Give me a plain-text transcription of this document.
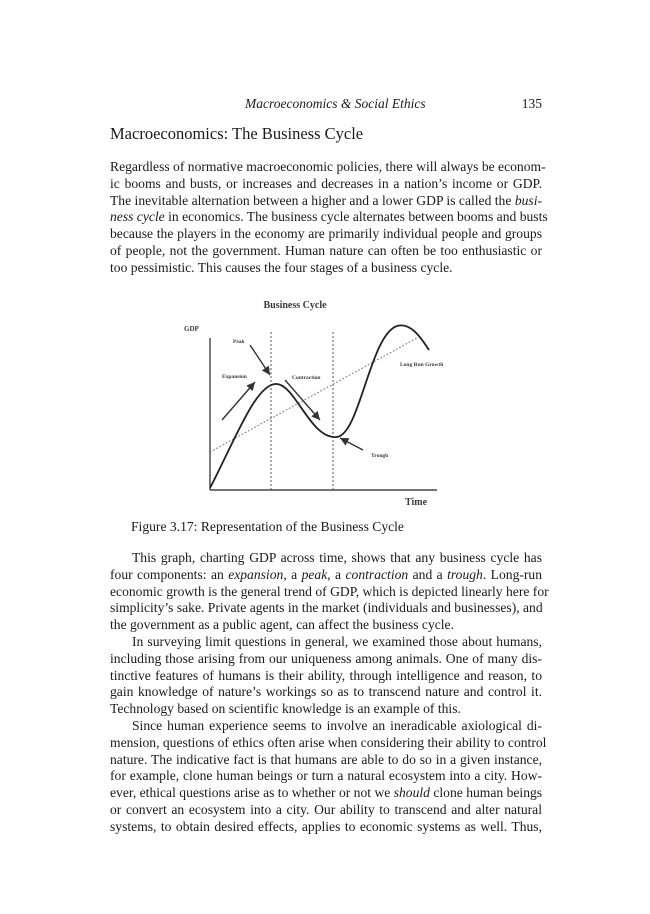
Macroeconomics & Social Ethics	135
Macroeconomics: The Business Cycle
Regardless of normative macroeconomic policies, there will always be econom-
ic booms and busts, or increases and decreases in a nation’s income or GDP.
The inevitable alternation between a higher and a lower GDP is called the busi-
ness cycle in economics. The business cycle alternates between booms and busts
because the players in the economy are primarily individual people and groups
of people, not the government. Human nature can often be too enthusiastic or
too pessimistic. This causes the four stages of a business cycle.
Business Cycle
GDP
Time
Peak
Expansion	Contraction
Trough
Long Run Growth
Figure 3.17: Representation of the Business Cycle
This graph, charting GDP across time, shows that any business cycle has
four components: an expansion, a peak, a contraction and a trough. Long-run
economic growth is the general trend of GDP, which is depicted linearly here for
simplicity’s sake. Private agents in the market (individuals and businesses), and
the government as a public agent, can affect the business cycle.
In surveying limit questions in general, we examined those about humans,
including those arising from our uniqueness among animals. One of many dis-
tinctive features of humans is their ability, through intelligence and reason, to
gain knowledge of nature’s workings so as to transcend nature and control it.
Technology based on scientific knowledge is an example of this.
Since human experience seems to involve an ineradicable axiological di-
mension, questions of ethics often arise when considering their ability to control
nature. The indicative fact is that humans are able to do so in a given instance,
for example, clone human beings or turn a natural ecosystem into a city. How-
ever, ethical questions arise as to whether or not we should clone human beings
or convert an ecosystem into a city. Our ability to transcend and alter natural
systems, to obtain desired effects, applies to economic systems as well. Thus,
